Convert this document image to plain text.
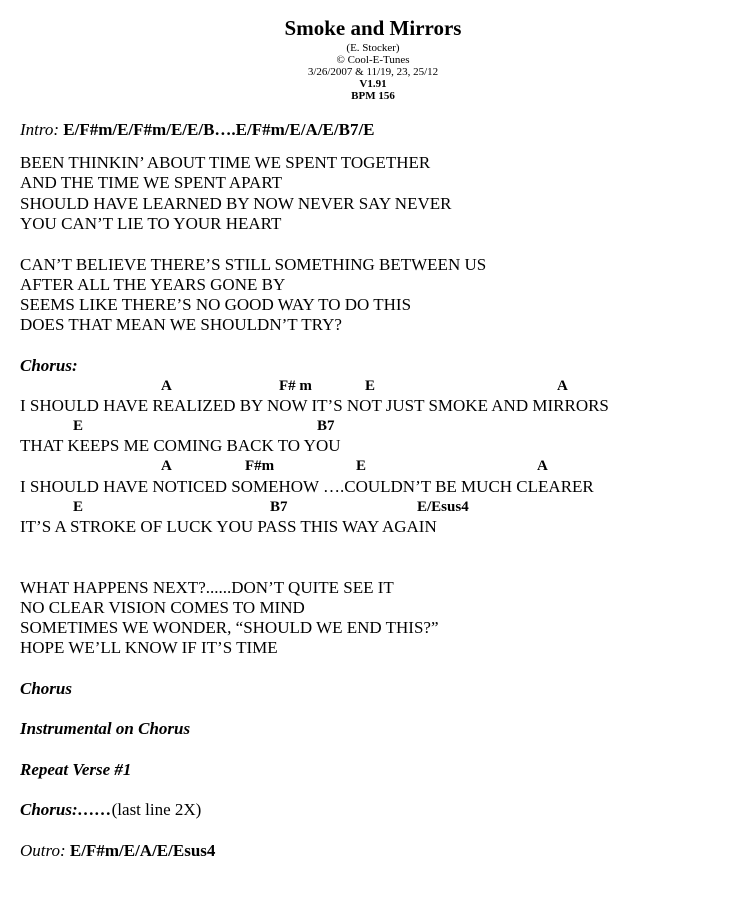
Smoke and Mirrors
(E. Stocker)
© Cool-E-Tunes
3/26/2007 & 11/19, 23, 25/12
V1.91
BPM 156
Intro: E/F#m/E/F#m/E/E/B….E/F#m/E/A/E/B7/E
BEEN THINKIN’ ABOUT TIME WE SPENT TOGETHER
AND THE TIME WE SPENT APART
SHOULD HAVE LEARNED BY NOW NEVER SAY NEVER
YOU CAN’T LIE TO YOUR HEART
CAN’T BELIEVE THERE’S STILL SOMETHING BETWEEN US
AFTER ALL THE YEARS GONE BY
SEEMS LIKE THERE’S NO GOOD WAY TO DO THIS
DOES THAT MEAN WE SHOULDN’T TRY?
Chorus:
A	F# m	E	A
I SHOULD HAVE REALIZED BY NOW IT’S NOT JUST SMOKE AND MIRRORS
E	B7
THAT KEEPS ME COMING BACK TO YOU
A	F#m	E	A
I SHOULD HAVE NOTICED SOMEHOW ….COULDN’T BE MUCH CLEARER
E	B7	E/Esus4
IT’S A STROKE OF LUCK YOU PASS THIS WAY AGAIN
WHAT HAPPENS NEXT?......DON’T QUITE SEE IT
NO CLEAR VISION COMES TO MIND
SOMETIMES WE WONDER, “SHOULD WE END THIS?”
HOPE WE’LL KNOW IF IT’S TIME
Chorus
Instrumental on Chorus
Repeat Verse #1
Chorus:……(last line 2X)
Outro: E/F#m/E/A/E/Esus4
